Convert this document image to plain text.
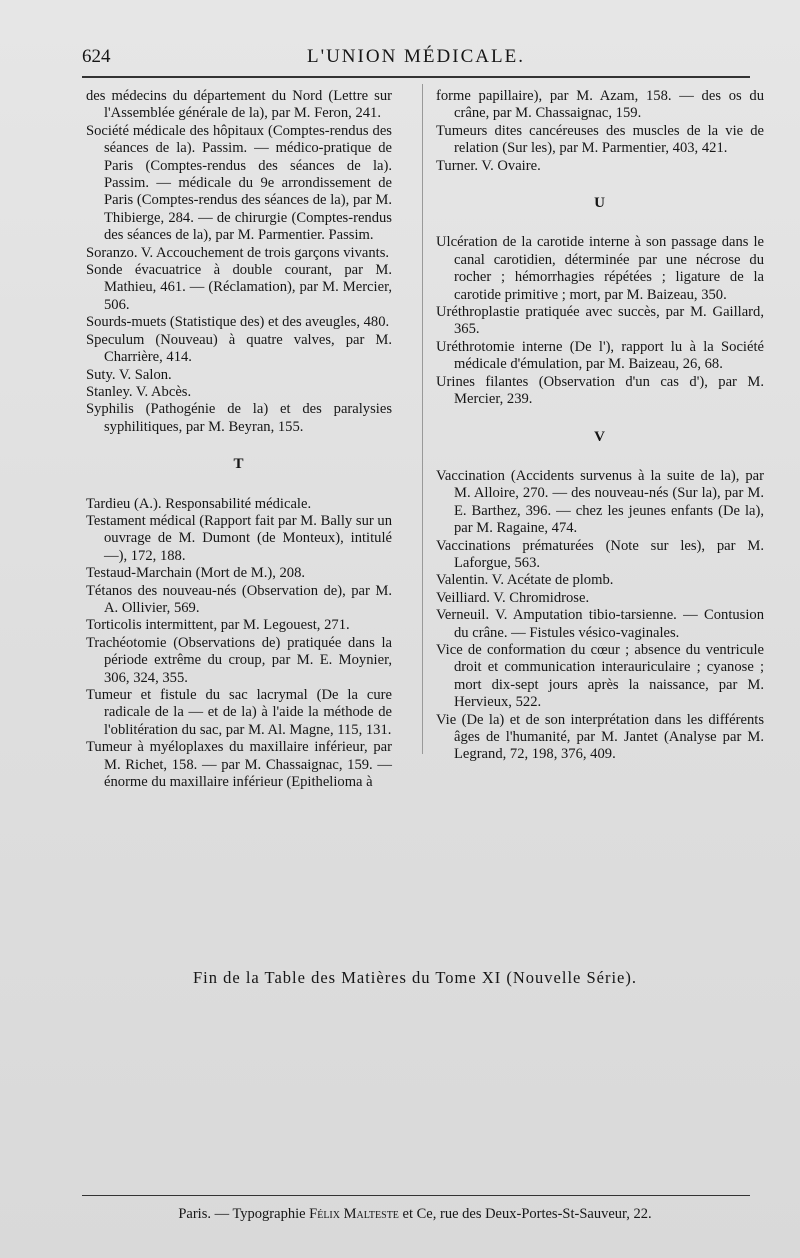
624	L'UNION MÉDICALE.

des médecins du département du Nord (Lettre sur l'Assemblée générale de la), par M. Feron, 241.

Société médicale des hôpitaux (Comptes-rendus des séances de la). Passim. — médico-pratique de Paris (Comptes-rendus des séances de la). Passim. — médicale du 9e arrondissement de Paris (Comptes-rendus des séances de la), par M. Thibierge, 284. — de chirurgie (Comptes-rendus des séances de la), par M. Parmentier. Passim.

Soranzo. V. Accouchement de trois garçons vivants.

Sonde évacuatrice à double courant, par M. Mathieu, 461. — (Réclamation), par M. Mercier, 506.

Sourds-muets (Statistique des) et des aveugles, 480.

Speculum (Nouveau) à quatre valves, par M. Charrière, 414.

Suty. V. Salon.

Stanley. V. Abcès.

Syphilis (Pathogénie de la) et des paralysies syphilitiques, par M. Beyran, 155.

T

Tardieu (A.). Responsabilité médicale.

Testament médical (Rapport fait par M. Bally sur un ouvrage de M. Dumont (de Monteux), intitulé—), 172, 188.

Testaud-Marchain (Mort de M.), 208.

Tétanos des nouveau-nés (Observation de), par M. A. Ollivier, 569.

Torticolis intermittent, par M. Legouest, 271.

Trachéotomie (Observations de) pratiquée dans la période extrême du croup, par M. E. Moynier, 306, 324, 355.

Tumeur et fistule du sac lacrymal (De la cure radicale de la — et de la) à l'aide la méthode de l'oblitération du sac, par M. Al. Magne, 115, 131.

Tumeur à myéloplaxes du maxillaire inférieur, par M. Richet, 158. — par M. Chassaignac, 159. — énorme du maxillaire inférieur (Epithelioma à

forme papillaire), par M. Azam, 158. — des os du crâne, par M. Chassaignac, 159.

Tumeurs dites cancéreuses des muscles de la vie de relation (Sur les), par M. Parmentier, 403, 421.

Turner. V. Ovaire.

U

Ulcération de la carotide interne à son passage dans le canal carotidien, déterminée par une nécrose du rocher ; hémorrhagies répétées ; ligature de la carotide primitive ; mort, par M. Baizeau, 350.

Uréthroplastie pratiquée avec succès, par M. Gaillard, 365.

Uréthrotomie interne (De l'), rapport lu à la Société médicale d'émulation, par M. Baizeau, 26, 68.

Urines filantes (Observation d'un cas d'), par M. Mercier, 239.

V

Vaccination (Accidents survenus à la suite de la), par M. Alloire, 270. — des nouveau-nés (Sur la), par M. E. Barthez, 396. — chez les jeunes enfants (De la), par M. Ragaine, 474.

Vaccinations prématurées (Note sur les), par M. Laforgue, 563.

Valentin. V. Acétate de plomb.

Veilliard. V. Chromidrose.

Verneuil. V. Amputation tibio-tarsienne. — Contusion du crâne. — Fistules vésico-vaginales.

Vice de conformation du cœur ; absence du ventricule droit et communication interauriculaire ; cyanose ; mort dix-sept jours après la naissance, par M. Hervieux, 522.

Vie (De la) et de son interprétation dans les différents âges de l'humanité, par M. Jantet (Analyse par M. Legrand, 72, 198, 376, 409.

Fin de la Table des Matières du Tome XI (Nouvelle Série).
Paris. — Typographie Félix Malteste et Ce, rue des Deux-Portes-St-Sauveur, 22.
